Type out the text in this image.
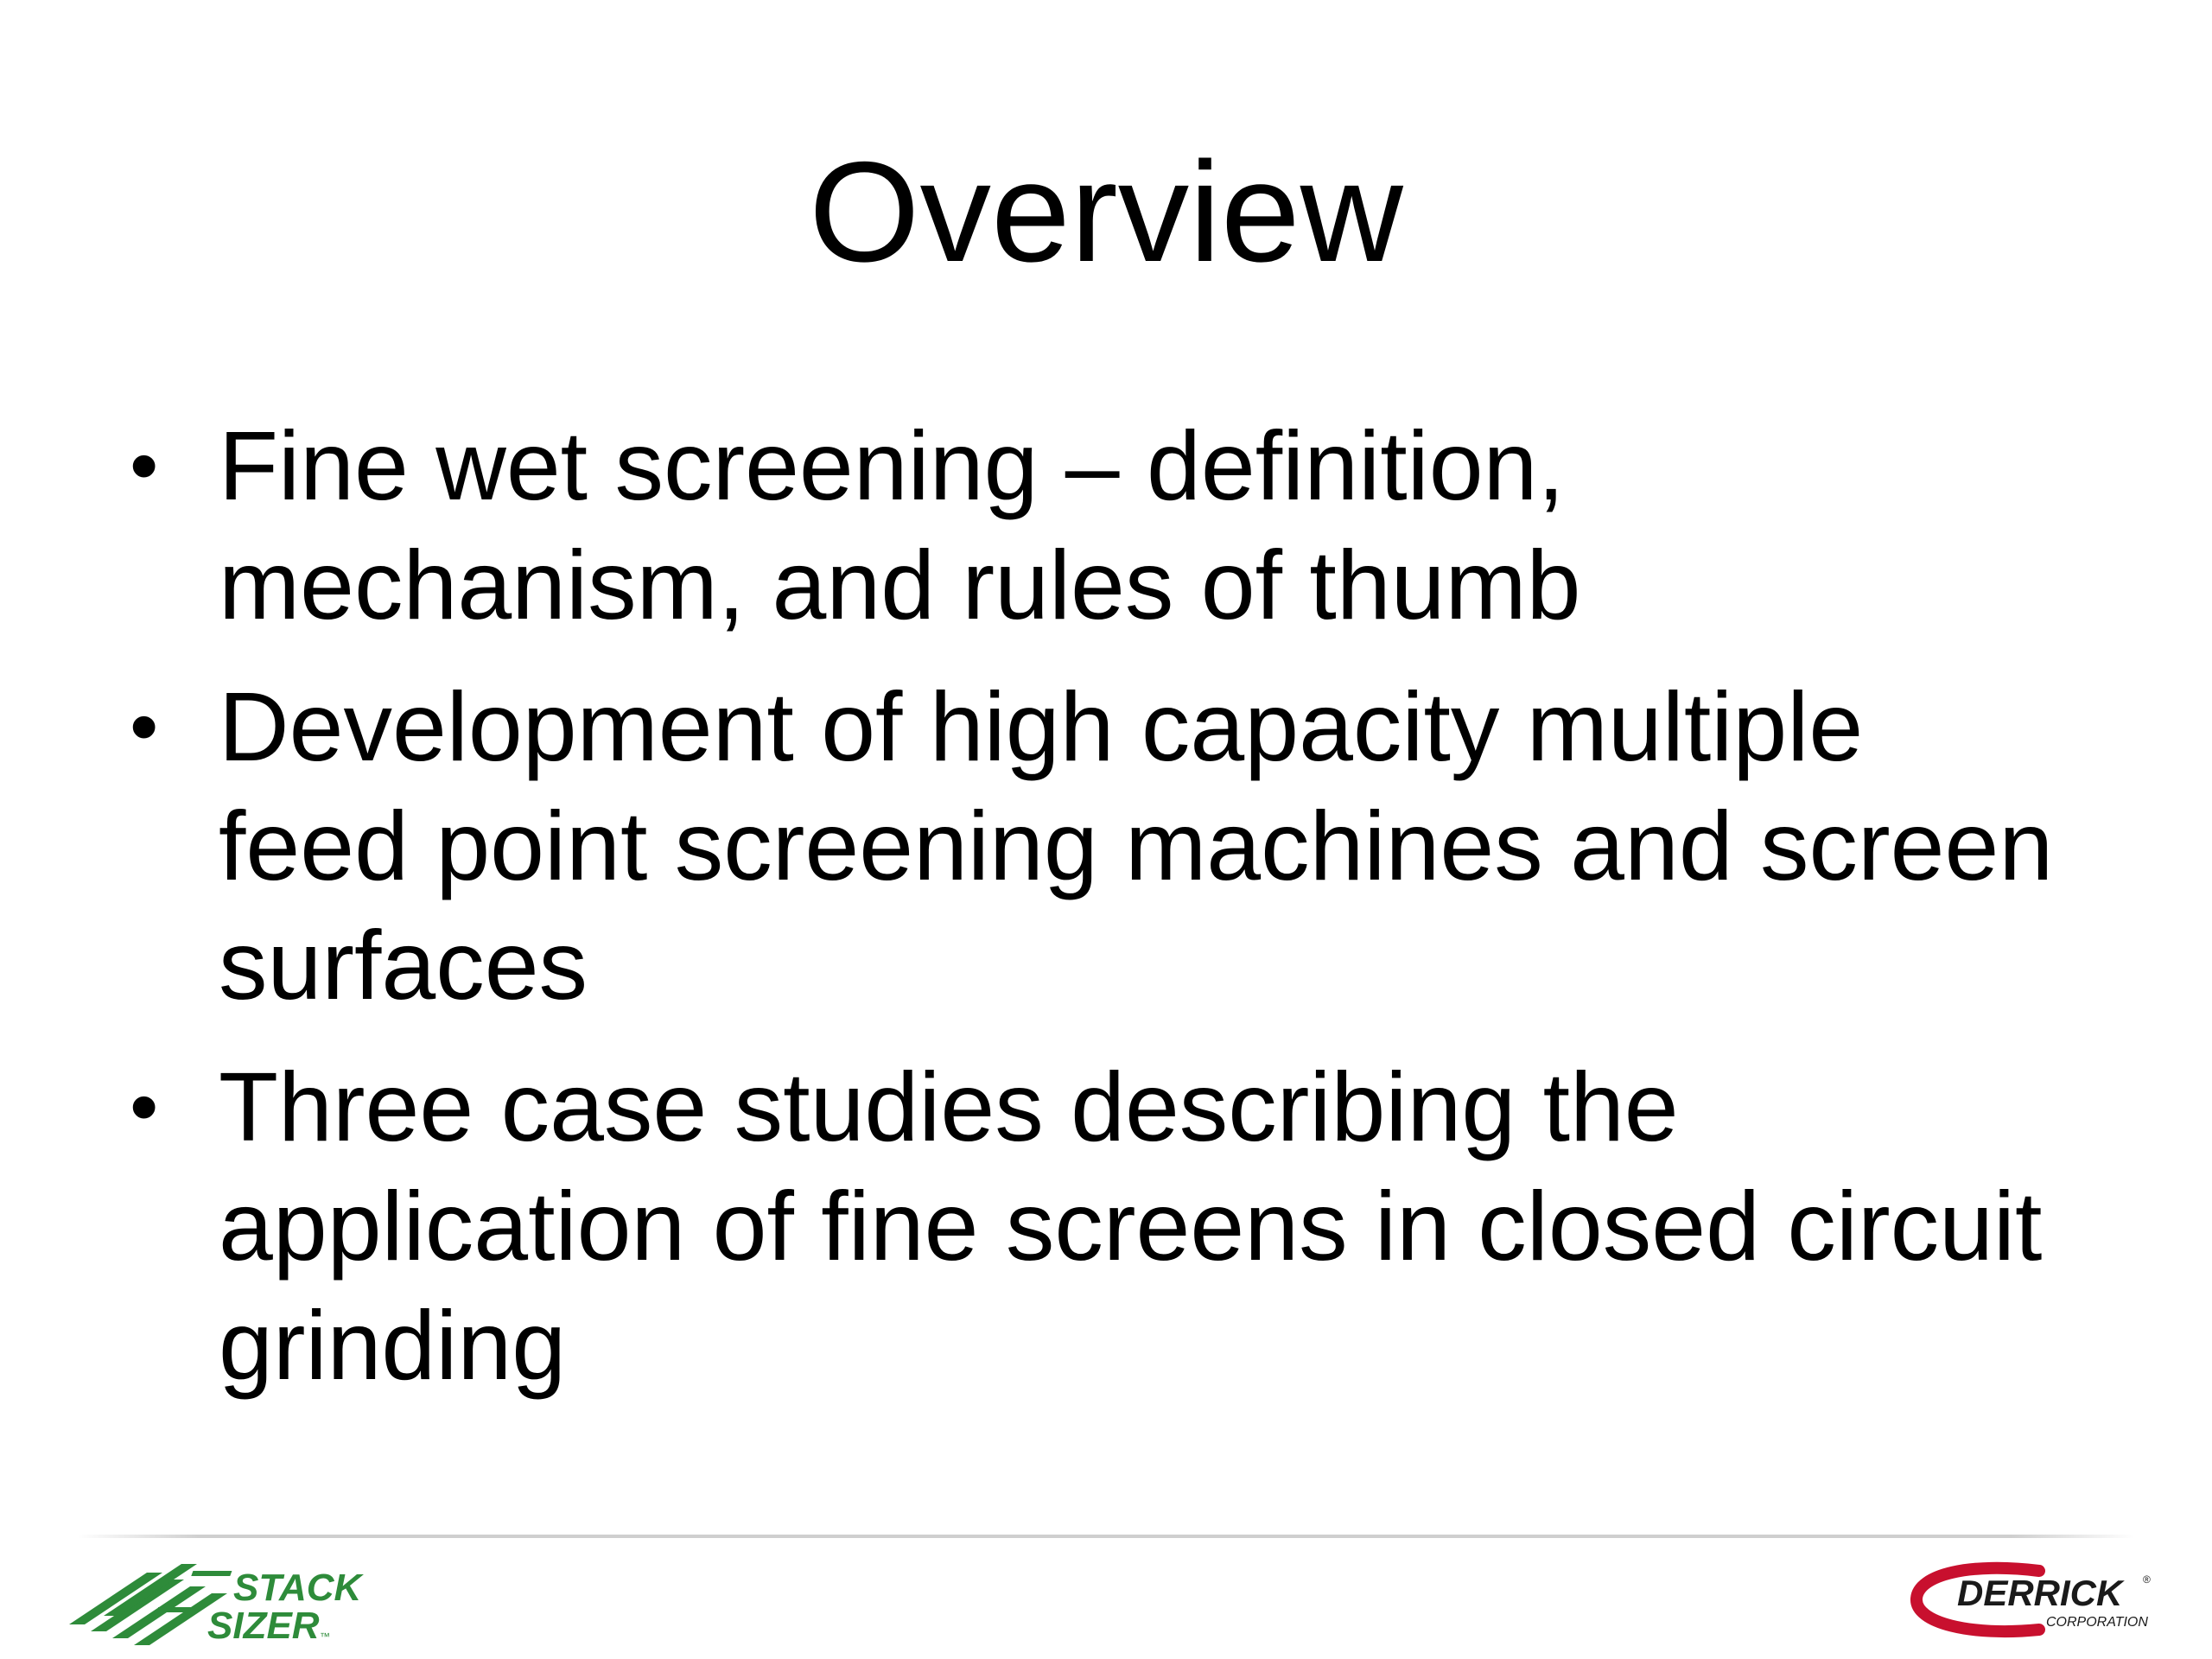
Overview
• Fine wet screening – definition,
mechanism, and rules of thumb
• Development of high capacity multiple
feed point screening machines and screen
surfaces
• Three case studies describing the
application of fine screens in closed circuit
grinding
STACK
SIZER ™
DERRICK ®
CORPORATION
